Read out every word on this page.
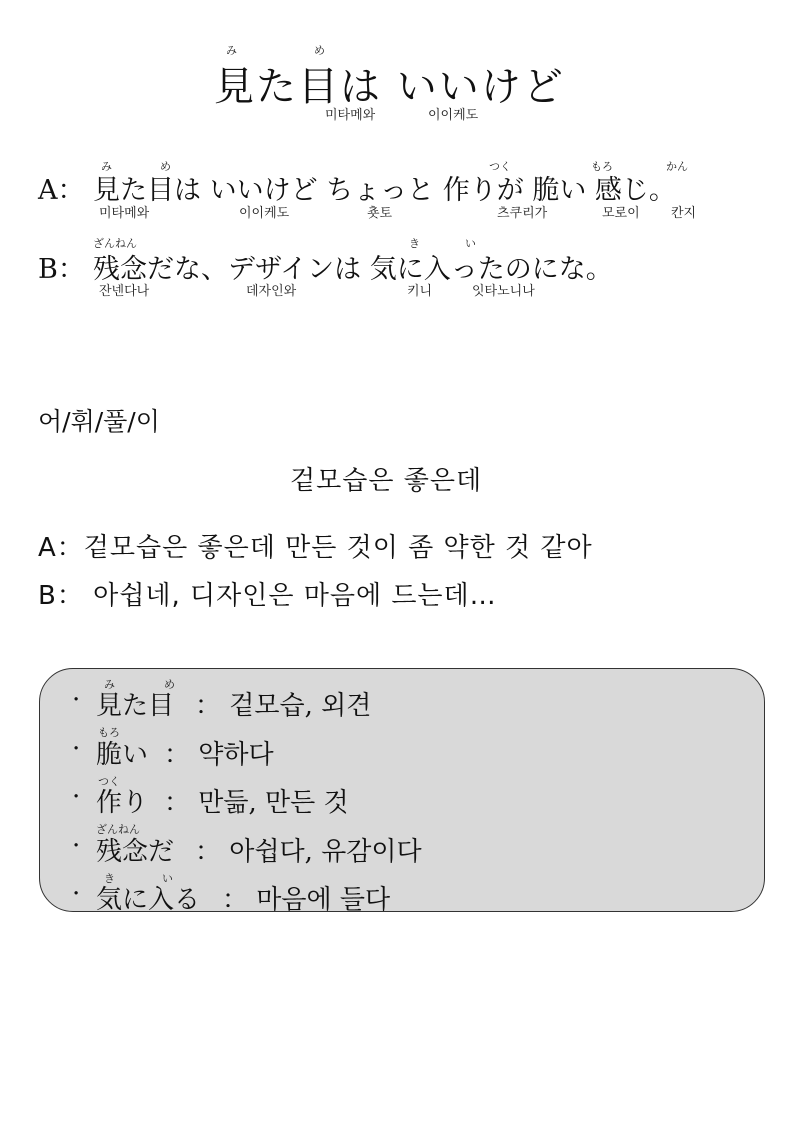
み	め
見た目は いいけど
미타메와	이이케도
み	め	つく	もろ	かん
A： 見た目は いいけど ちょっと 作りが 脆い 感じ。
미타메와	이이케도	춋토	츠쿠리가	모로이 칸지
ざんねん	き	い
B： 残念だな、デザインは 気に入ったのにな。
잔넨다나	데자인와	키니	잇타노니나
어/휘/풀/이
겉모습은 좋은데
A：겉모습은 좋은데 만든 것이 좀 약한 것 같아
B： 아쉽네, 디자인은 마음에 드는데…
み	め
· 見た目 ： 겉모습, 외견
もろ
· 脆い ： 약하다
つく
· 作り ： 만듦, 만든 것
ざんねん
· 残念だ ： 아쉽다, 유감이다
き	い
· 気に入る ： 마음에 들다
